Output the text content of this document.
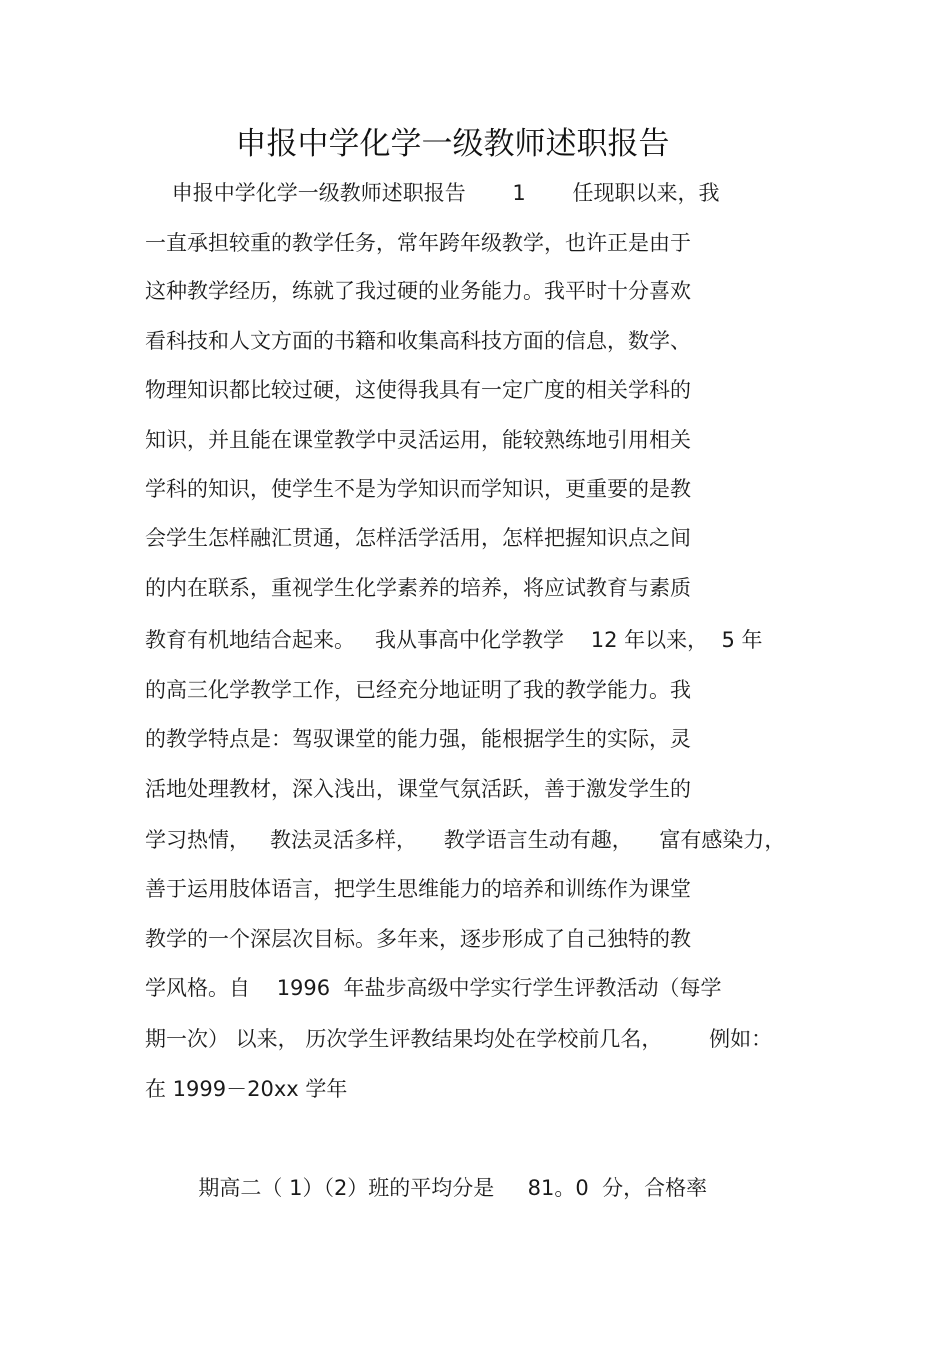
申报中学化学一级教师述职报告
申报中学化学一级教师述职报告       1       任现职以来，我
一直承担较重的教学任务，常年跨年级教学，也许正是由于
这种教学经历，练就了我过硬的业务能力。我平时十分喜欢
看科技和人文方面的书籍和收集高科技方面的信息，数学、
物理知识都比较过硬，这使得我具有一定广度的相关学科的
知识，并且能在课堂教学中灵活运用，能较熟练地引用相关
学科的知识，使学生不是为学知识而学知识，更重要的是教
会学生怎样融汇贯通，怎样活学活用，怎样把握知识点之间
的内在联系，重视学生化学素养的培养，将应试教育与素质
教育有机地结合起来。   我从事高中化学教学    12 年以来，  5 年
的高三化学教学工作，已经充分地证明了我的教学能力。我
的教学特点是：驾驭课堂的能力强，能根据学生的实际，灵
活地处理教材，深入浅出，课堂气氛活跃，善于激发学生的
学习热情，   教法灵活多样，    教学语言生动有趣，    富有感染力，
善于运用肢体语言，把学生思维能力的培养和训练作为课堂
教学的一个深层次目标。多年来，逐步形成了自己独特的教
学风格。自    1996  年盐步高级中学实行学生评教活动（每学
期一次） 以来， 历次学生评教结果均处在学校前几名，       例如：
在 1999－20xx 学年
期高二（ 1）（2）班的平均分是     81。0  分，合格率
